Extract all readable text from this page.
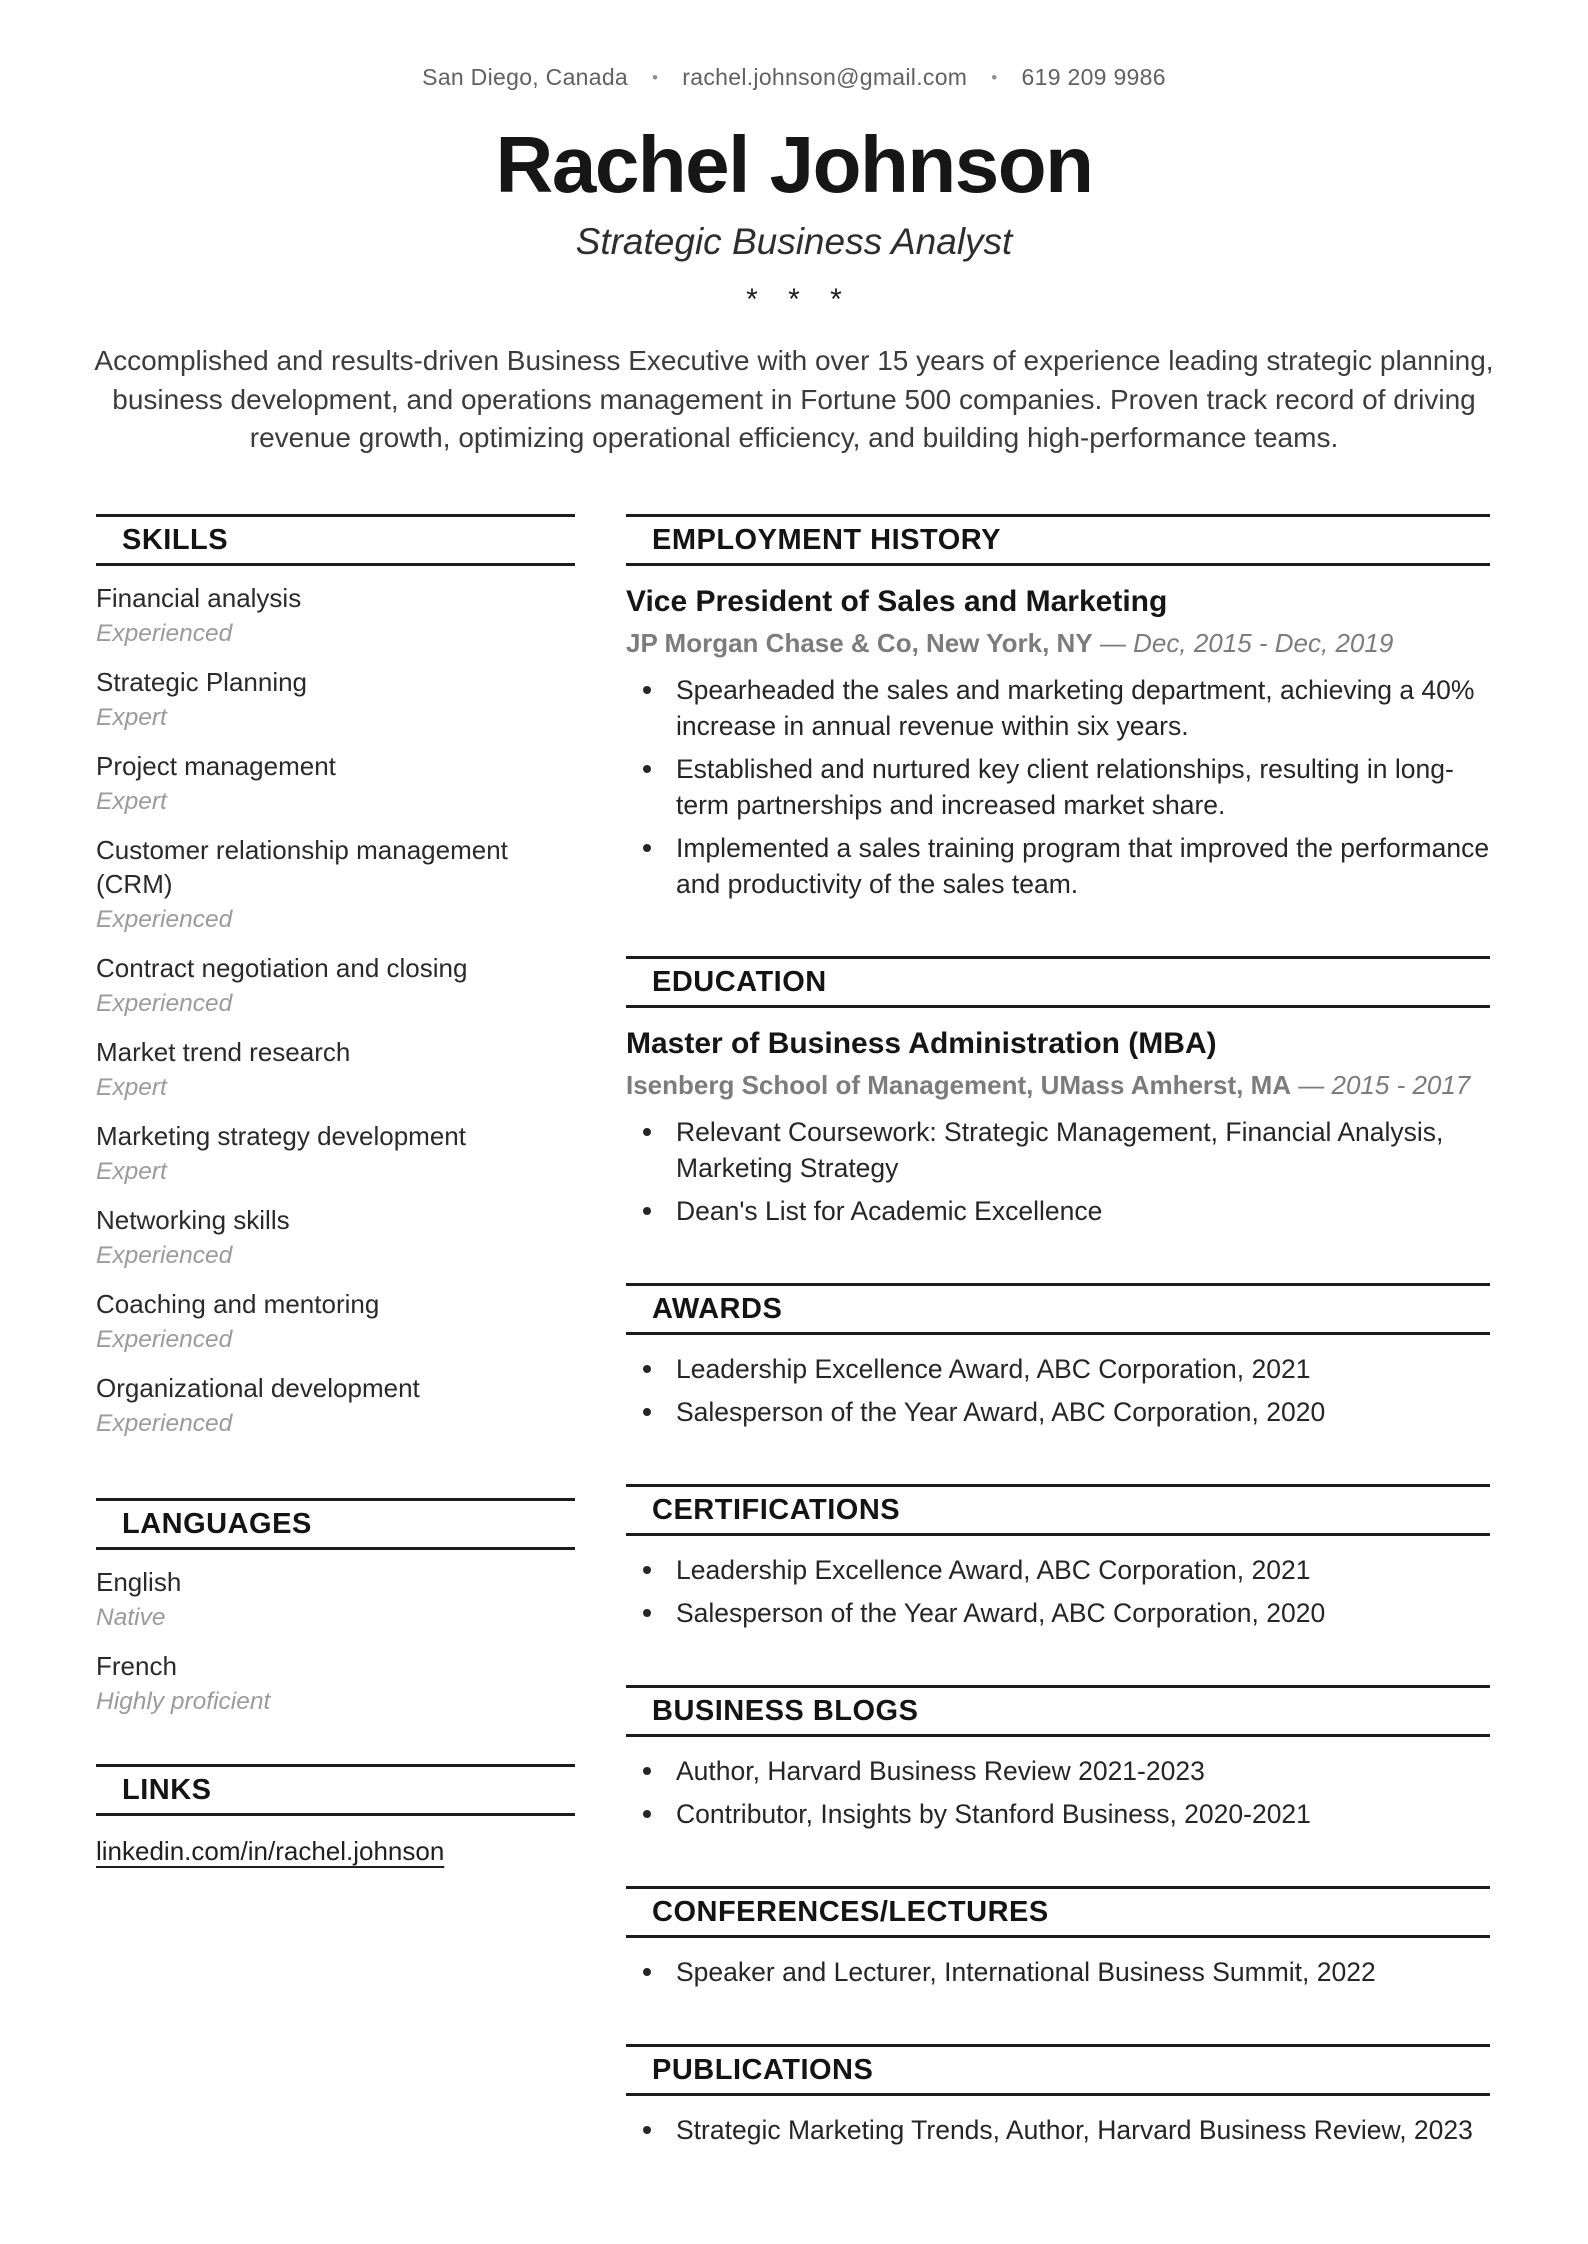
San Diego, Canada • rachel.johnson@gmail.com • 619 209 9986
Rachel Johnson
Strategic Business Analyst
* * *

Accomplished and results-driven Business Executive with over 15 years of experience leading strategic planning, business development, and operations management in Fortune 500 companies. Proven track record of driving revenue growth, optimizing operational efficiency, and building high-performance teams.

SKILLS
Financial analysis
Experienced
Strategic Planning
Expert
Project management
Expert
Customer relationship management (CRM)
Experienced
Contract negotiation and closing
Experienced
Market trend research
Expert
Marketing strategy development
Expert
Networking skills
Experienced
Coaching and mentoring
Experienced
Organizational development
Experienced
LANGUAGES
English
Native
French
Highly proficient
LINKS
linkedin.com/in/rachel.johnson
EMPLOYMENT HISTORY
Vice President of Sales and Marketing
JP Morgan Chase & Co, New York, NY — Dec, 2015 - Dec, 2019
Spearheaded the sales and marketing department, achieving a 40% increase in annual revenue within six years.
Established and nurtured key client relationships, resulting in long-term partnerships and increased market share.
Implemented a sales training program that improved the performance and productivity of the sales team.
EDUCATION
Master of Business Administration (MBA)
Isenberg School of Management, UMass Amherst, MA — 2015 - 2017
Relevant Coursework: Strategic Management, Financial Analysis, Marketing Strategy
Dean's List for Academic Excellence
AWARDS
Leadership Excellence Award, ABC Corporation, 2021
Salesperson of the Year Award, ABC Corporation, 2020
CERTIFICATIONS
Leadership Excellence Award, ABC Corporation, 2021
Salesperson of the Year Award, ABC Corporation, 2020
BUSINESS BLOGS
Author, Harvard Business Review 2021-2023
Contributor, Insights by Stanford Business, 2020-2021
CONFERENCES/LECTURES
Speaker and Lecturer, International Business Summit, 2022
PUBLICATIONS
Strategic Marketing Trends, Author, Harvard Business Review, 2023
